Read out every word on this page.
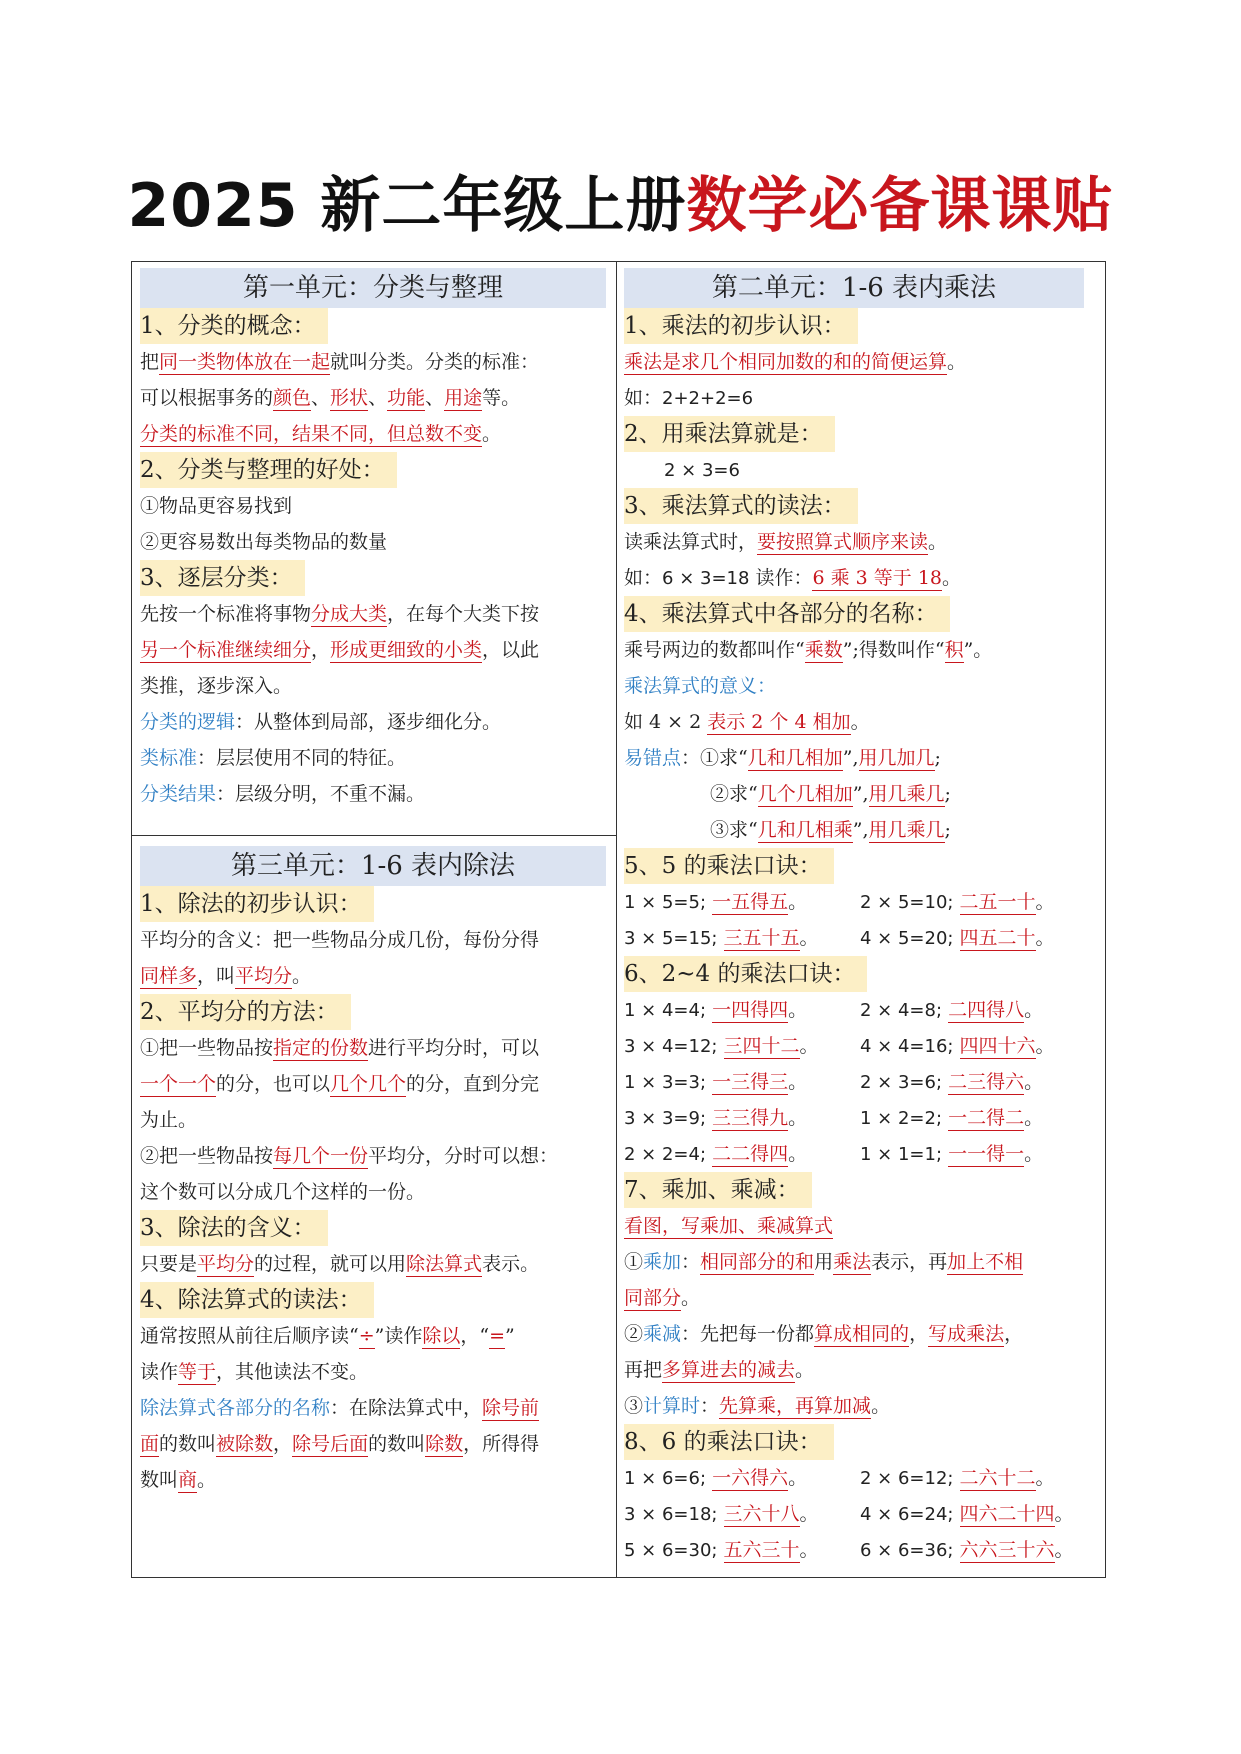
2025 新二年级上册数学必备课课贴
第一单元：分类与整理
1、分类的概念：
把同一类物体放在一起就叫分类。分类的标准：
可以根据事务的颜色、形状、功能、用途等。
分类的标准不同，结果不同，但总数不变。
2、分类与整理的好处：
①物品更容易找到
②更容易数出每类物品的数量
3、逐层分类：
先按一个标准将事物分成大类，在每个大类下按
另一个标准继续细分，形成更细致的小类，以此
类推，逐步深入。
分类的逻辑：从整体到局部，逐步细化分。
类标准：层层使用不同的特征。
分类结果：层级分明，不重不漏。
第三单元：1-6 表内除法
1、除法的初步认识：
平均分的含义：把一些物品分成几份，每份分得
同样多，叫平均分。
2、平均分的方法：
①把一些物品按指定的份数进行平均分时，可以
一个一个的分，也可以几个几个的分，直到分完
为止。
②把一些物品按每几个一份平均分，分时可以想：
这个数可以分成几个这样的一份。
3、除法的含义：
只要是平均分的过程，就可以用除法算式表示。
4、除法算式的读法：
通常按照从前往后顺序读“÷”读作除以，“=”
读作等于，其他读法不变。
除法算式各部分的名称：在除法算式中，除号前
面的数叫被除数，除号后面的数叫除数，所得得
数叫商。
第二单元：1-6 表内乘法
1、乘法的初步认识：
乘法是求几个相同加数的和的简便运算。
如：2+2+2=6
2、用乘法算就是：
2 × 3=6
3、乘法算式的读法：
读乘法算式时，要按照算式顺序来读。
如：6 × 3=18 读作：6 乘 3 等于 18。
4、乘法算式中各部分的名称：
乘号两边的数都叫作“乘数”;得数叫作“积”。
乘法算式的意义：
如 4 × 2 表示 2 个 4 相加。
易错点：①求“几和几相加”,用几加几;
②求“几个几相加”,用几乘几;
③求“几和几相乘”,用几乘几;
5、5 的乘法口诀：
1 × 5=5; 一五得五。	2 × 5=10; 二五一十。
3 × 5=15; 三五十五。	4 × 5=20; 四五二十。
6、2~4 的乘法口诀：
1 × 4=4; 一四得四。	2 × 4=8; 二四得八。
3 × 4=12; 三四十二。	4 × 4=16; 四四十六。
1 × 3=3; 一三得三。	2 × 3=6; 二三得六。
3 × 3=9; 三三得九。	1 × 2=2; 一二得二。
2 × 2=4; 二二得四。	1 × 1=1; 一一得一。
7、乘加、乘减：
看图，写乘加、乘减算式
①乘加：相同部分的和用乘法表示，再加上不相
同部分。
②乘减：先把每一份都算成相同的，写成乘法，
再把多算进去的减去。
③计算时：先算乘，再算加减。
8、6 的乘法口诀：
1 × 6=6; 一六得六。	2 × 6=12; 二六十二。
3 × 6=18; 三六十八。	4 × 6=24; 四六二十四。
5 × 6=30; 五六三十。	6 × 6=36; 六六三十六。
